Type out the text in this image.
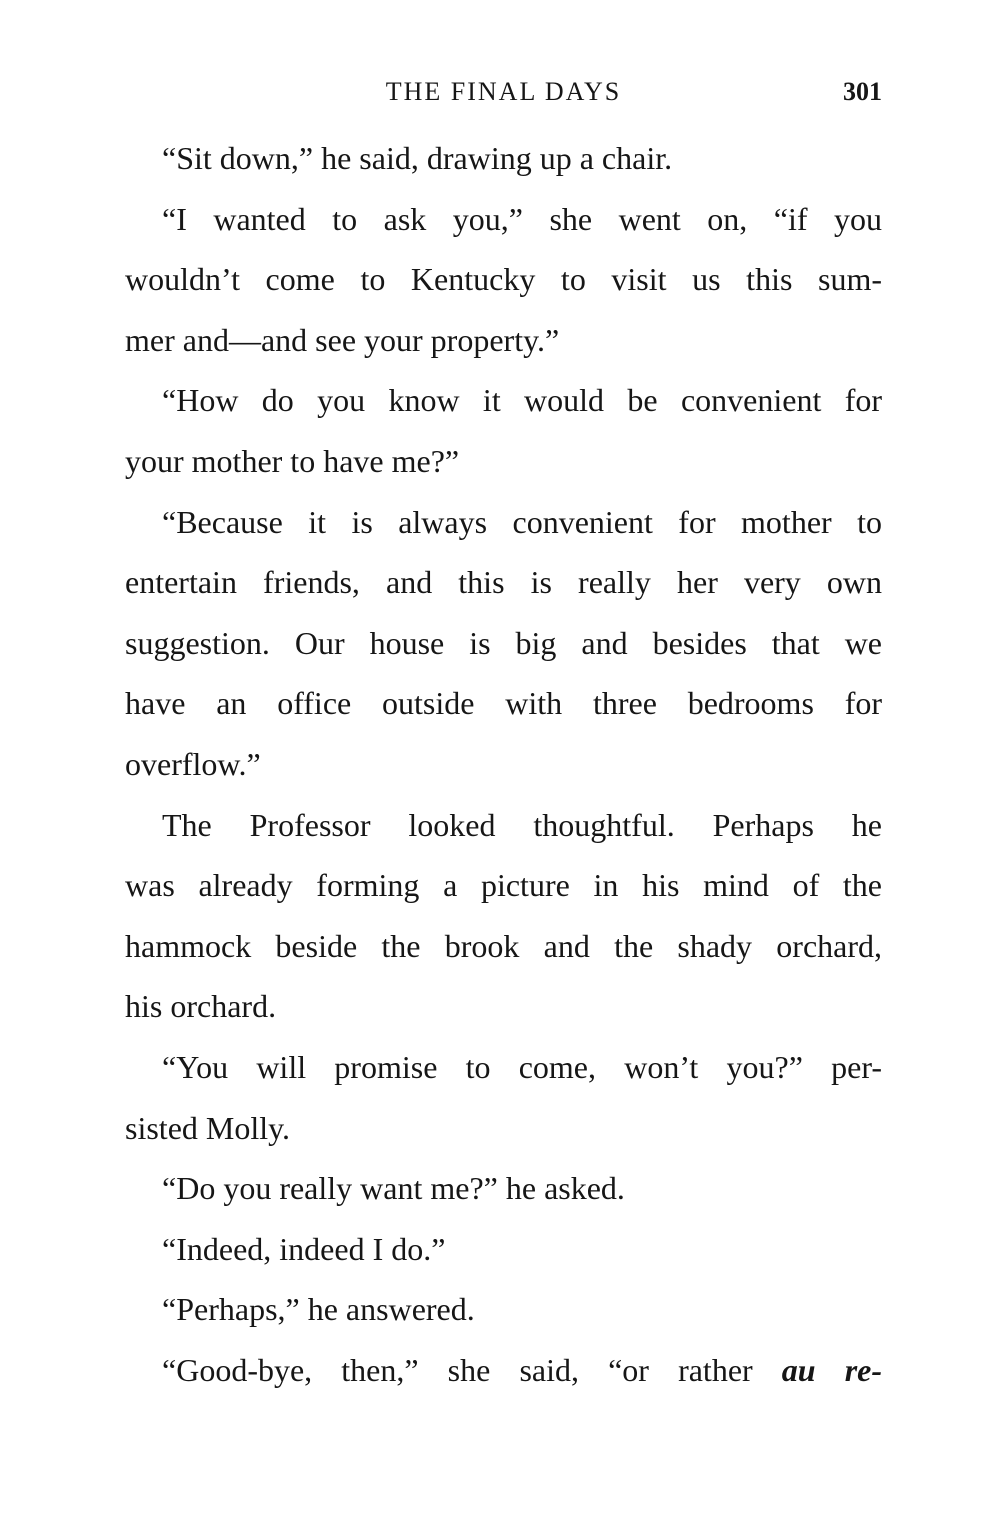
THE FINAL DAYS	301
“Sit down,” he said, drawing up a chair.
“I wanted to ask you,” she went on, “if you
wouldn’t come to Kentucky to visit us this sum-
mer and—and see your property.”
“How do you know it would be convenient for
your mother to have me?”
“Because it is always convenient for mother to
entertain friends, and this is really her very own
suggestion. Our house is big and besides that we
have an office outside with three bedrooms for
overflow.”
The Professor looked thoughtful. Perhaps he
was already forming a picture in his mind of the
hammock beside the brook and the shady orchard,
his orchard.
“You will promise to come, won’t you?” per-
sisted Molly.
“Do you really want me?” he asked.
“Indeed, indeed I do.”
“Perhaps,” he answered.
“Good-bye, then,” she said, “or rather au re-
